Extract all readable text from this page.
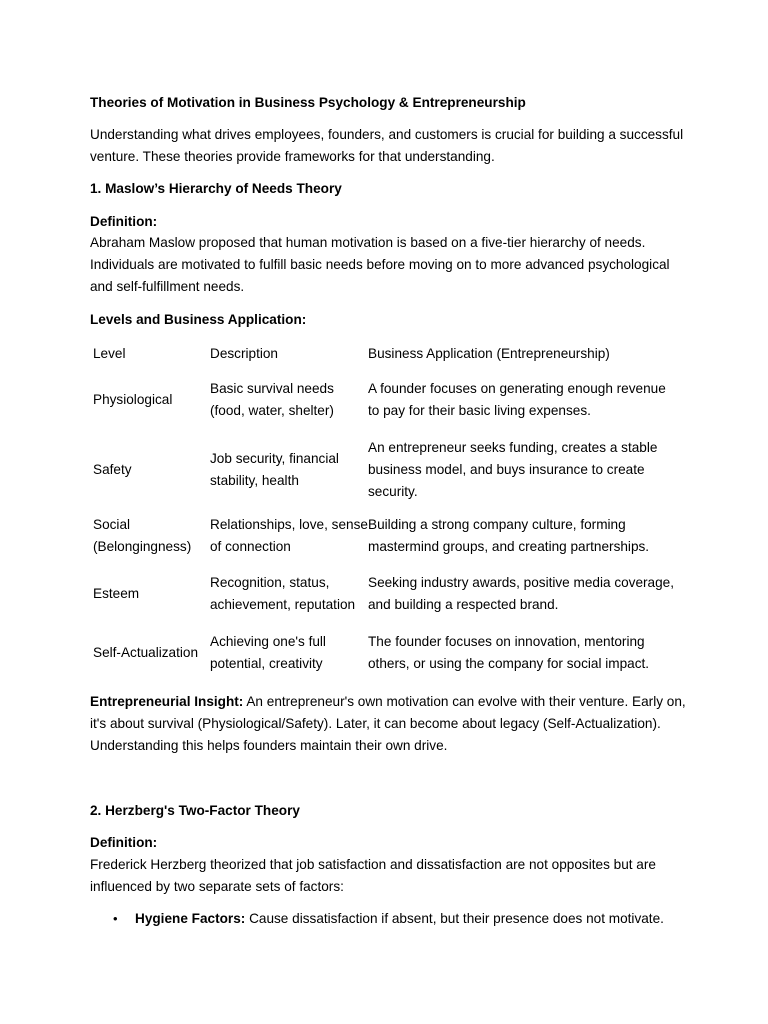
Theories of Motivation in Business Psychology & Entrepreneurship

Understanding what drives employees, founders, and customers is crucial for building a successful venture. These theories provide frameworks for that understanding.

1. Maslow’s Hierarchy of Needs Theory

Definition:

Abraham Maslow proposed that human motivation is based on a five-tier hierarchy of needs. Individuals are motivated to fulfill basic needs before moving on to more advanced psychological and self-fulfillment needs.

Levels and Business Application:

Level	Description	Business Application (Entrepreneurship)
Physiological	Basic survival needs (food, water, shelter)	A founder focuses on generating enough revenue to pay for their basic living expenses.
Safety	Job security, financial stability, health	An entrepreneur seeks funding, creates a stable business model, and buys insurance to create security.
Social (Belongingness)	Relationships, love, sense of connection	Building a strong company culture, forming mastermind groups, and creating partnerships.
Esteem	Recognition, status, achievement, reputation	Seeking industry awards, positive media coverage, and building a respected brand.
Self-Actualization	Achieving one's full potential, creativity	The founder focuses on innovation, mentoring others, or using the company for social impact.

Entrepreneurial Insight: An entrepreneur's own motivation can evolve with their venture. Early on, it's about survival (Physiological/Safety). Later, it can become about legacy (Self-Actualization). Understanding this helps founders maintain their own drive.

2. Herzberg's Two-Factor Theory

Definition:

Frederick Herzberg theorized that job satisfaction and dissatisfaction are not opposites but are influenced by two separate sets of factors:

• Hygiene Factors: Cause dissatisfaction if absent, but their presence does not motivate.
